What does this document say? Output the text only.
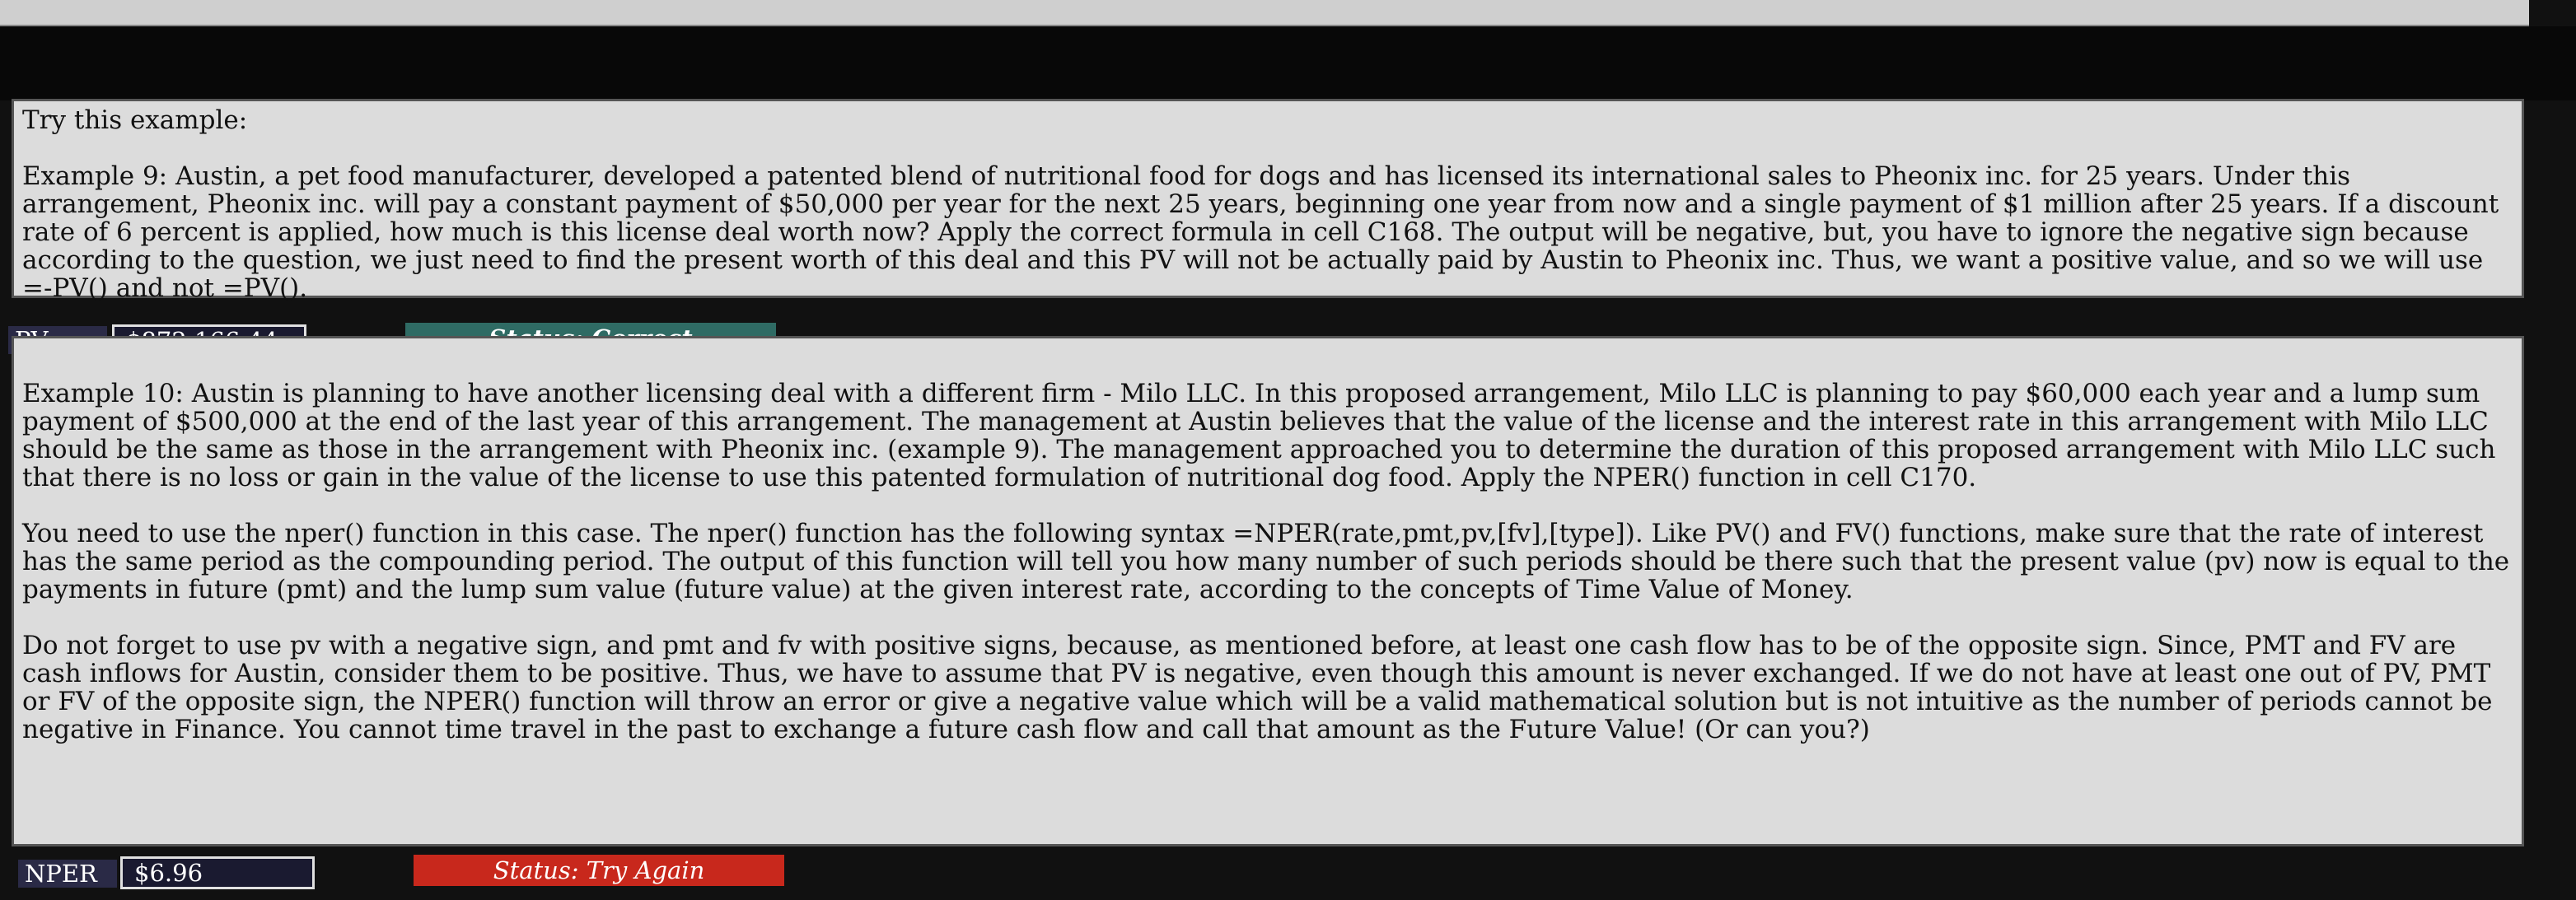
Try this example:

Example 9: Austin, a pet food manufacturer, developed a patented blend of nutritional food for dogs and has licensed its international sales to Pheonix inc. for 25 years. Under this arrangement, Pheonix inc. will pay a constant payment of $50,000 per year for the next 25 years, beginning one year from now and a single payment of $1 million after 25 years. If a discount rate of 6 percent is applied, how much is this license deal worth now? Apply the correct formula in cell C168. The output will be negative, but, you have to ignore the negative sign because according to the question, we just need to find the present worth of this deal and this PV will not be actually paid by Austin to Pheonix inc. Thus, we want a positive value, and so we will use =-PV() and not =PV().

Example 10: Austin is planning to have another licensing deal with a different firm - Milo LLC. In this proposed arrangement, Milo LLC is planning to pay $60,000 each year and a lump sum payment of $500,000 at the end of the last year of this arrangement. The management at Austin believes that the value of the license and the interest rate in this arrangement with Milo LLC should be the same as those in the arrangement with Pheonix inc. (example 9). The management approached you to determine the duration of this proposed arrangement with Milo LLC such that there is no loss or gain in the value of the license to use this patented formulation of nutritional dog food. Apply the NPER() function in cell C170.

You need to use the nper() function in this case. The nper() function has the following syntax =NPER(rate,pmt,pv,[fv],[type]). Like PV() and FV() functions, make sure that the rate of interest has the same period as the compounding period. The output of this function will tell you how many number of such periods should be there such that the present value (pv) now is equal to the payments in future (pmt) and the lump sum value (future value) at the given interest rate, according to the concepts of Time Value of Money.

Do not forget to use pv with a negative sign, and pmt and fv with positive signs, because, as mentioned before, at least one cash flow has to be of the opposite sign. Since, PMT and FV are cash inflows for Austin, consider them to be positive. Thus, we have to assume that PV is negative, even though this amount is never exchanged. If we do not have at least one out of PV, PMT or FV of the opposite sign, the NPER() function will throw an error or give a negative value which will be a valid mathematical solution but is not intuitive as the number of periods cannot be negative in Finance. You cannot time travel in the past to exchange a future cash flow and call that amount as the Future Value! (Or can you?)

NPER	$6.96	Status: Try Again
